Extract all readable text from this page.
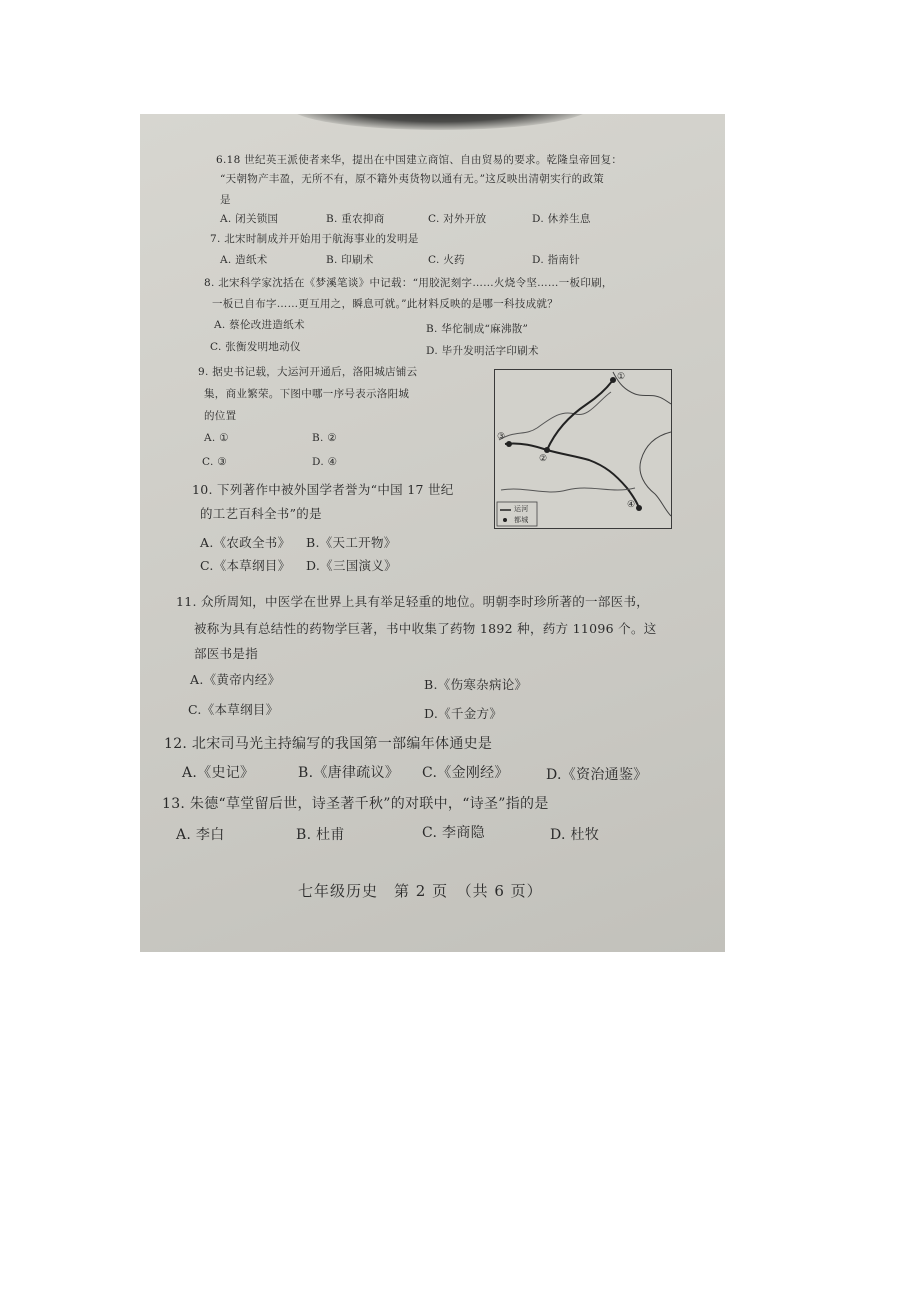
6.18 世纪英王派使者来华，提出在中国建立商馆、自由贸易的要求。乾隆皇帝回复：
“天朝物产丰盈，无所不有，原不籍外夷货物以通有无。”这反映出清朝实行的政策
是
A. 闭关锁国	B. 重农抑商	C. 对外开放	D. 休养生息
7. 北宋时制成并开始用于航海事业的发明是
A. 造纸术	B. 印刷术	C. 火药	D. 指南针
8. 北宋科学家沈括在《梦溪笔谈》中记载：“用胶泥刻字……火烧令坚……一板印刷，
一板已自布字……更互用之，瞬息可就。”此材料反映的是哪一科技成就？
A. 蔡伦改进造纸术	B. 华佗制成“麻沸散”
C. 张衡发明地动仪	D. 毕升发明活字印刷术
9. 据史书记载，大运河开通后，洛阳城店铺云
集，商业繁荣。下图中哪一序号表示洛阳城
的位置
A. ①	B. ②
C. ③	D. ④
①
②
③
④
运河
都城
10. 下列著作中被外国学者誉为“中国 17 世纪
的工艺百科全书”的是
A.《农政全书》 B.《天工开物》
C.《本草纲目》 D.《三国演义》
11. 众所周知，中医学在世界上具有举足轻重的地位。明朝李时珍所著的一部医书，
被称为具有总结性的药物学巨著，书中收集了药物 1892 种，药方 11096 个。这
部医书是指
A.《黄帝内经》	B.《伤寒杂病论》
C.《本草纲目》	D.《千金方》
12. 北宋司马光主持编写的我国第一部编年体通史是
A.《史记》	B.《唐律疏议》 C.《金刚经》	D.《资治通鉴》
13. 朱德“草堂留后世，诗圣著千秋”的对联中，“诗圣”指的是
A. 李白	B. 杜甫	C. 李商隐	D. 杜牧
七年级历史　第 2 页　（共 6 页）
